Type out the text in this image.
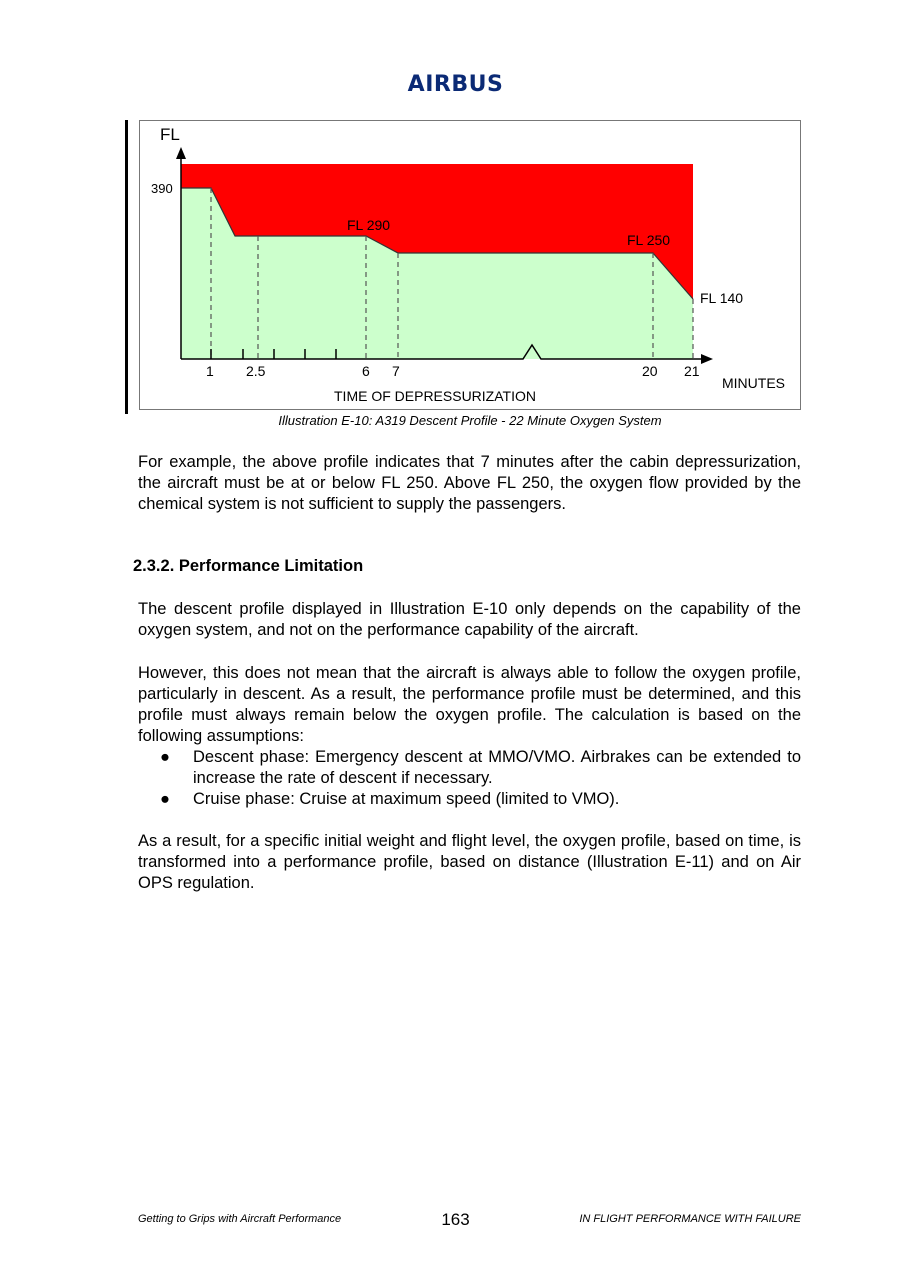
AIRBUS
FL
390
FL 290
FL 250
FL 140
1 2.5	6 7	20 21
TIME OF DEPRESSURIZATION
MINUTES
Illustration E-10: A319 Descent Profile - 22 Minute Oxygen System

For example, the above profile indicates that 7 minutes after the cabin depressurization, the aircraft must be at or below FL 250. Above FL 250, the oxygen flow provided by the chemical system is not sufficient to supply the passengers.

2.3.2. Performance Limitation

The descent profile displayed in Illustration E-10 only depends on the capability of the oxygen system, and not on the performance capability of the aircraft.

However, this does not mean that the aircraft is always able to follow the oxygen profile, particularly in descent. As a result, the performance profile must be determined, and this profile must always remain below the oxygen profile. The calculation is based on the following assumptions:

● Descent phase: Emergency descent at MMO/VMO. Airbrakes can be extended to increase the rate of descent if necessary.
● Cruise phase: Cruise at maximum speed (limited to VMO).

As a result, for a specific initial weight and flight level, the oxygen profile, based on time, is transformed into a performance profile, based on distance (Illustration E-11) and on Air OPS regulation.

Getting to Grips with Aircraft Performance	163	IN FLIGHT PERFORMANCE WITH FAILURE
